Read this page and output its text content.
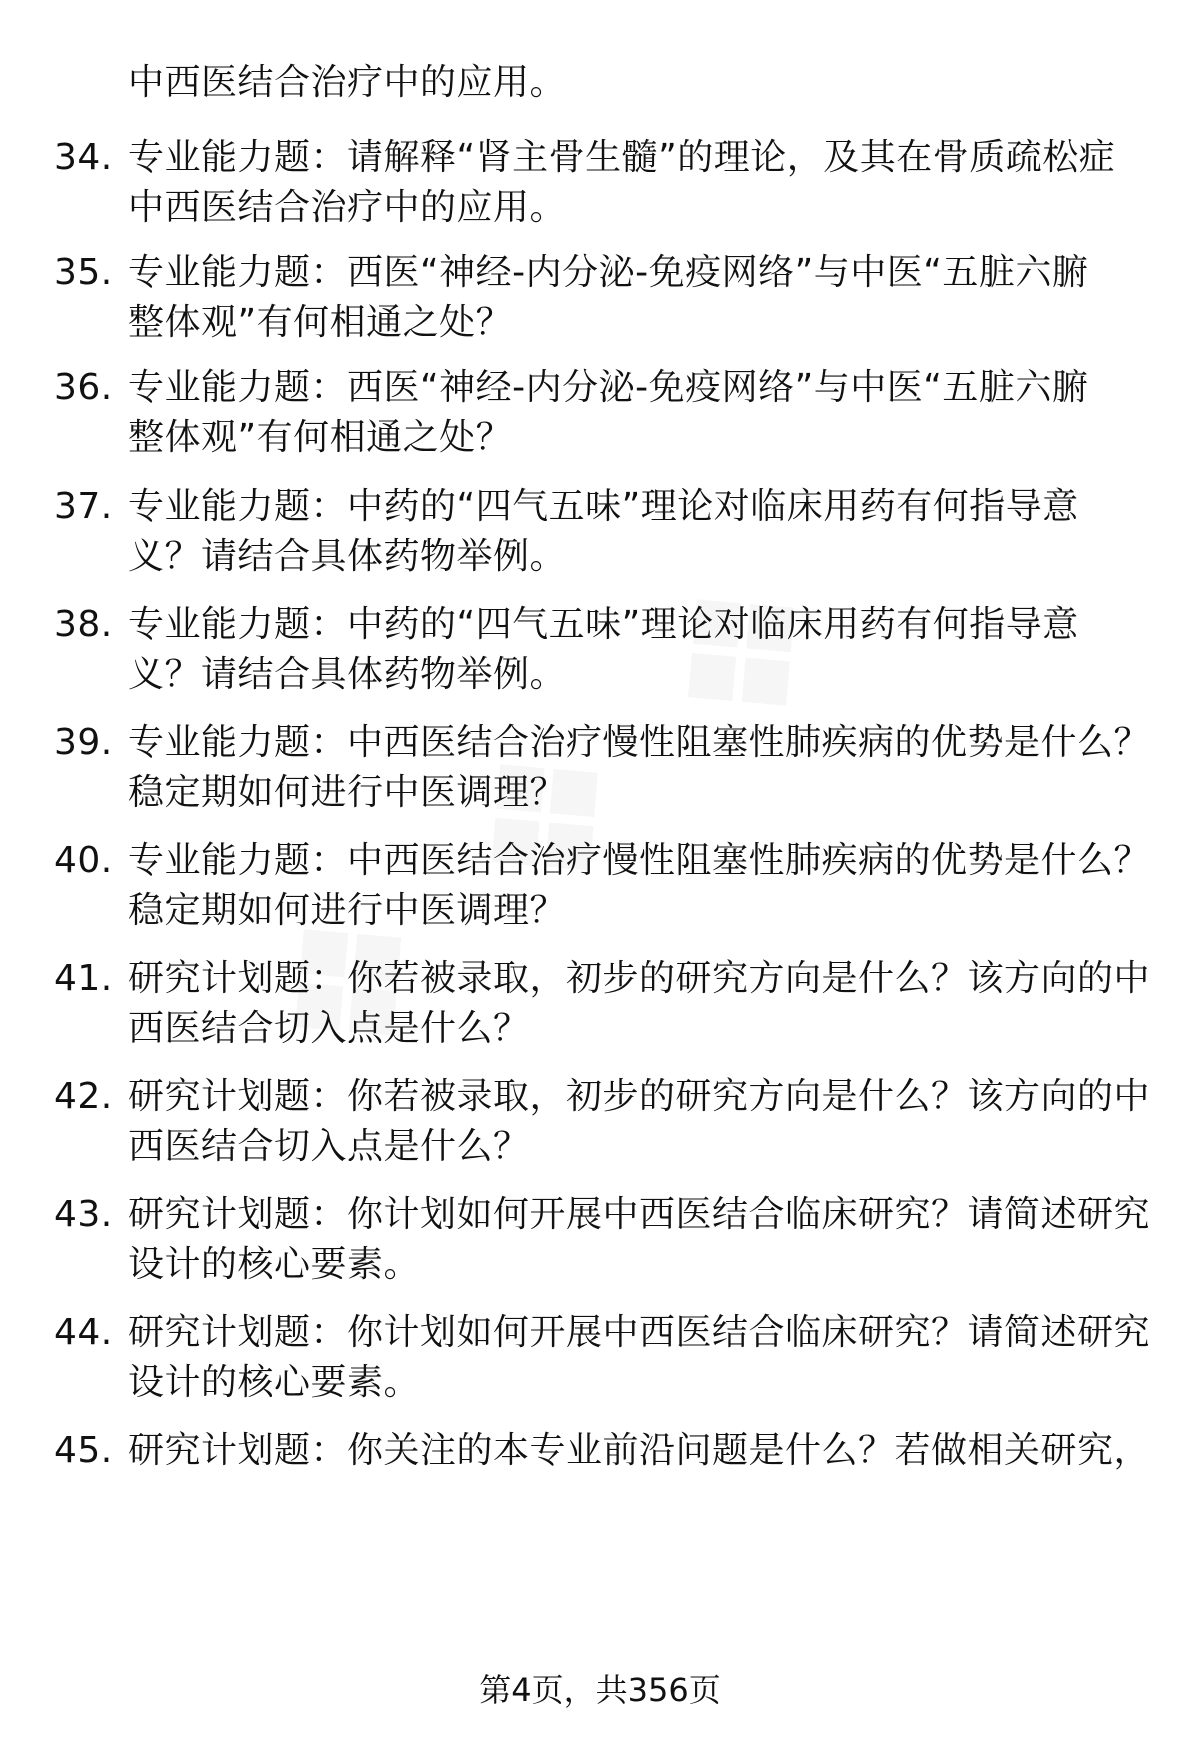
中西医结合治疗中的应用。
34. 专业能力题：请解释“肾主骨生髓”的理论，及其在骨质疏松症
中西医结合治疗中的应用。
35. 专业能力题：西医“神经-内分泌-免疫网络”与中医“五脏六腑
整体观”有何相通之处？
36. 专业能力题：西医“神经-内分泌-免疫网络”与中医“五脏六腑
整体观”有何相通之处？
37. 专业能力题：中药的“四气五味”理论对临床用药有何指导意
义？请结合具体药物举例。
38. 专业能力题：中药的“四气五味”理论对临床用药有何指导意
义？请结合具体药物举例。
39. 专业能力题：中西医结合治疗慢性阻塞性肺疾病的优势是什么？
稳定期如何进行中医调理？
40. 专业能力题：中西医结合治疗慢性阻塞性肺疾病的优势是什么？
稳定期如何进行中医调理？
41. 研究计划题：你若被录取，初步的研究方向是什么？该方向的中
西医结合切入点是什么？
42. 研究计划题：你若被录取，初步的研究方向是什么？该方向的中
西医结合切入点是什么？
43. 研究计划题：你计划如何开展中西医结合临床研究？请简述研究
设计的核心要素。
44. 研究计划题：你计划如何开展中西医结合临床研究？请简述研究
设计的核心要素。
45. 研究计划题：你关注的本专业前沿问题是什么？若做相关研究，
第4页，共356页
